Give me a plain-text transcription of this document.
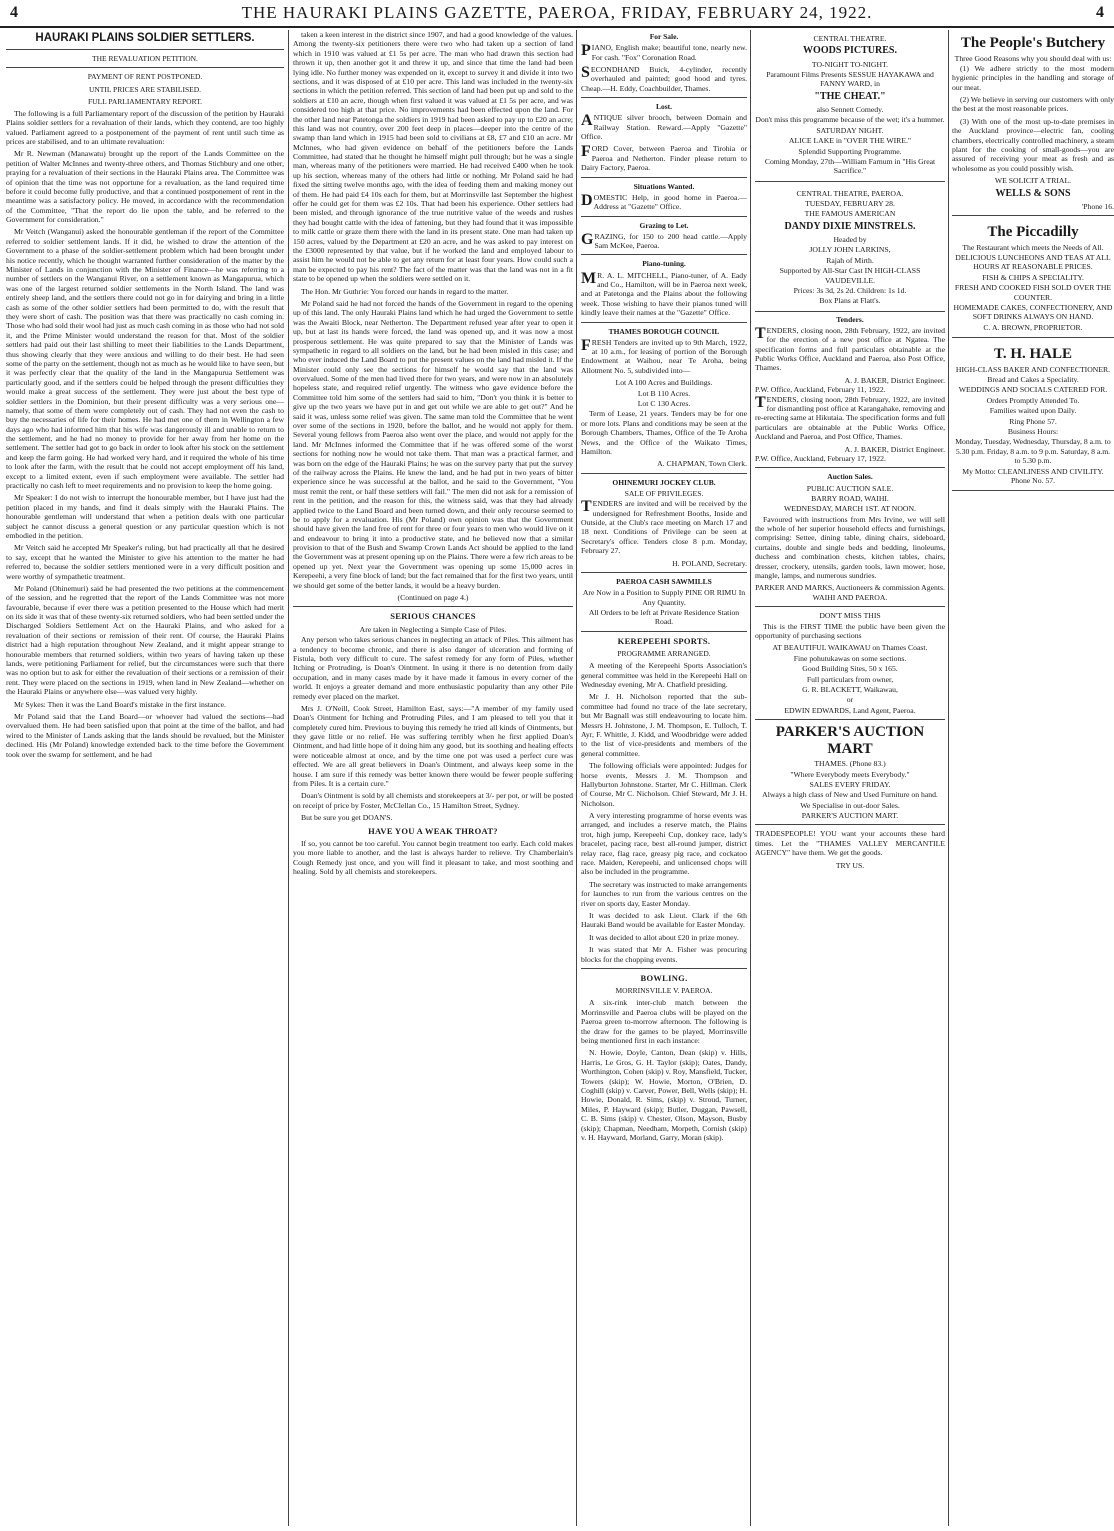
4	THE HAURAKI PLAINS GAZETTE, PAEROA, FRIDAY, FEBRUARY 24, 1922.	4
HAURAKI PLAINS SOLDIER SETTLERS.
THE REVALUATION PETITION.
PAYMENT OF RENT POSTPONED.
UNTIL PRICES ARE STABILISED.
FULL PARLIAMENTARY REPORT.

The following is a full Parliamentary report of the discussion of the petition by Hauraki Plains soldier settlers for a revaluation of their lands, which they contend, are too highly valued. Parliament agreed to a postponement of the payment of rent until such time as prices are stabilised, and to an ultimate revaluation:

Mr R. Newman (Manawatu) brought up the report of the Lands Committee on the petition of Walter McInnes and twenty-three others, and Thomas Stichbury and one other, praying for a revaluation of their sections in the Hauraki Plains area. The Committee was of opinion that the time was not opportune for a revaluation, as the land required time before it could become fully productive, and that a continued postponement of rent in the meantime was a satisfactory policy. He moved, in accordance with the recommendation of the Committee, "That the report do lie upon the table, and be referred to the Government for consideration."

Mr Veitch (Wanganui) asked the honourable gentleman if the report of the Committee referred to soldier settlement lands. If it did, he wished to draw the attention of the Government to a phase of the soldier-settlement problem which had been brought under his notice recently, which he thought warranted further consideration of the matter by the Minister of Lands in conjunction with the Minister of Finance—he was referring to a number of settlers on the Wanganui River, on a settlement known as Mangapurua, which was one of the largest returned soldier settlements in the North Island. The land was entirely sheep land, and the settlers there could not go in for dairying and bring in a little cash as some of the other soldier settlers had been permitted to do, with the result that they were short of cash. The position was that there was practically no cash coming in. Those who had sold their wool had just as much cash coming in as those who had not sold it, and the Prime Minister would understand the reason for that. Most of the soldier settlers had paid out their last shilling to meet their liabilities to the Lands Department, thus showing clearly that they were anxious and willing to do their best. He had seen some of the party on the settlement, though not as much as he would like to have seen, but it was perfectly clear that the quality of the land in the Mangapurua Settlement was particularly good, and if the settlers could be helped through the present difficulties they would make a great success of the settlement. They were just about the best type of soldier settlers in the Dominion, but their present difficulty was a very serious one—namely, that some of them were completely out of cash. They had not even the cash to buy the necessaries of life for their homes. He had met one of them in Wellington a few days ago who had informed him that his wife was dangerously ill and unable to return to the settlement, and he had no money to provide for her away from her home on the settlement. The settler had got to go back in order to look after his stock on the settlement and keep the farm going. He had worked very hard, and it required the whole of his time to look after the farm, with the result that he could not accept employment off his land, except to a limited extent, even if such employment were available. The settler had practically no cash left to meet requirements and no provision to keep the home going.

Mr Speaker: I do not wish to interrupt the honourable member, but I have just had the petition placed in my hands, and find it deals simply with the Hauraki Plains. The honourable gentleman will understand that when a petition deals with one particular subject he cannot discuss a general question or any particular question which is not embodied in the petition.

Mr Veitch said he accepted Mr Speaker's ruling, but had practically all that he desired to say, except that he wanted the Minister to give his attention to the matter he had referred to, because the soldier settlers mentioned were in a very difficult position and were worthy of sympathetic treatment.

Mr Poland (Ohinemuri) said he had presented the two petitions at the commencement of the session, and he regretted that the report of the Lands Committee was not more favourable, because if ever there was a petition presented to the House which had merit on its side it was that of these twenty-six returned soldiers, who had been settled under the Discharged Soldiers Settlement Act on the Hauraki Plains, and who asked for a revaluation of their sections or remission of their rent. Of course, the Hauraki Plains district had a high reputation throughout New Zealand, and it might appear strange to honourable members that returned soldiers, within two years of having taken up these lands, were petitioning Parliament for relief, but the circumstances were such that there was no option but to ask for either the revaluation of their sections or a remission of their rent. They were placed on the sections in 1919, when land in New Zealand—whether on the Hauraki Plains or anywhere else—was valued very highly.

Mr Sykes: Then it was the Land Board's mistake in the first instance.

Mr Poland said that the Land Board—or whoever had valued the sections—had overvalued them. He had been satisfied upon that point at the time of the ballot, and had wired to the Minister of Lands asking that the lands should be revalued, but the Minister declined. His (Mr Poland) knowledge extended back to the time before the Government took over the swamp for settlement, and he had

taken a keen interest in the district since 1907, and had a good knowledge of the values. Among the twenty-six petitioners there were two who had taken up a section of land which in 1910 was valued at £1 5s per acre. The man who had drawn this section had thrown it up, then another got it and threw it up, and since that time the land had been lying idle. No further money was expended on it, except to survey it and divide it into two sections, and it was disposed of at £10 per acre. This land was included in the twenty-six sections in which the petition referred. This section of land had been put up and sold to the soldiers at £10 an acre, though when first valued it was valued at £1 5s per acre, and was considered too high at that price. No improvements had been effected upon the land. For the other land near Patetonga the soldiers in 1919 had been asked to pay up to £20 an acre; this land was not country, over 200 feet deep in places—deeper into the centre of the swamp than land which in 1915 had been sold to civilians at £8, £7 and £10 an acre. Mr McInnes, who had given evidence on behalf of the petitioners before the Lands Committee, had stated that he thought he himself might pull through; but he was a single man, whereas many of the petitioners were married. He had received £400 when he took up his section, whereas many of the others had little or nothing. Mr Poland said he had fixed the sitting twelve months ago, with the idea of feeding them and making money out of them. He had paid £4 10s each for them, but at Morrinsville last September the highest offer he could get for them was £2 10s. That had been his experience. Other settlers had been misled, and through ignorance of the true nutritive value of the weeds and rushes they had bought cattle with the idea of fattening, but they had found that it was impossible to milk cattle or graze them there with the land in its present state. One man had taken up 150 acres, valued by the Department at £20 an acre, and he was asked to pay interest on the £3000 represented by that value, but if he worked the land and employed labour to assist him he would not be able to get any return for at least four years. How could such a man be expected to pay his rent? The fact of the matter was that the land was not in a fit state to be opened up when the soldiers were settled on it.

The Hon. Mr Guthrie: You forced our hands in regard to the matter.

Mr Poland said he had not forced the hands of the Government in regard to the opening up of this land. The only Hauraki Plains land which he had urged the Government to settle was the Awaiti Block, near Netherton. The Department refused year after year to open it up, but at last its hands were forced, the land was opened up, and it was now a most prosperous settlement. He was quite prepared to say that the Minister of Lands was sympathetic in regard to all soldiers on the land, but he had been misled in this case; and who ever induced the Land Board to put the present values on the land had misled it. If the Minister could only see the sections for himself he would say that the land was overvalued. Some of the men had lived there for two years, and were now in an absolutely hopeless state, and required relief urgently. The witness who gave evidence before the Committee told him some of the settlers had said to him, "Don't you think it is better to give up the two years we have put in and get out while we are able to get out?" And he said it was, unless some relief was given. The same man told the Committee that he went over some of the sections in 1920, before the ballot, and he would not apply for them. Several young fellows from Paeroa also went over the place, and would not apply for the land. Mr McInnes informed the Committee that if he was offered some of the worst sections for nothing now he would not take them. That man was a practical farmer, and was born on the edge of the Hauraki Plains; he was on the survey party that put the survey of the railway across the Plains. He knew the land, and he had put in two years of bitter experience since he was successful at the ballot, and he said to the Government, "You must remit the rent, or half these settlers will fail." The men did not ask for a remission of rent in the petition, and the reason for this, the witness said, was that they had already applied twice to the Land Board and been turned down, and their only recourse seemed to be to apply for a revaluation. His (Mr Poland) own opinion was that the Government should have given the land free of rent for three or four years to men who would live on it and endeavour to bring it into a productive state, and he believed now that a similar provision to that of the Bush and Swamp Crown Lands Act should be applied to the land the Government was at present opening up on the Plains. There were a few rich areas to be opened up yet. Next year the Government was opening up some 15,000 acres in Kerepeehi, a very fine block of land; but the fact remained that for the first two years, until we should get some of the better lands, it would be a heavy burden.

(Continued on page 4.)
SERIOUS CHANCES
Are taken in Neglecting a Simple Case of Piles.

Any person who takes serious chances in neglecting an attack of Piles. This ailment has a tendency to become chronic, and there is also danger of ulceration and forming of Fistula, both very difficult to cure. The safest remedy for any form of Piles, whether Itching or Protruding, is Doan's Ointment. In using it there is no detention from daily occupation, and in many cases made by it have made it famous in every corner of the world. It enjoys a greater demand and more enthusiastic popularity than any other Pile remedy ever placed on the market.

Mrs J. O'Neill, Cook Street, Hamilton East, says:—"A member of my family used Doan's Ointment for Itching and Protruding Piles, and I am pleased to tell you that it completely cured him. Previous to buying this remedy he tried all kinds of Ointments, but they gave little or no relief. He was suffering terribly when he first applied Doan's Ointment, and had little hope of it doing him any good, but its soothing and healing effects were noticeable almost at once, and by the time one pot was used a perfect cure was effected. We are all great believers in Doan's Ointment, and always keep some in the house. I am sure if this remedy was better known there would be fewer people suffering from Piles. It is a certain cure."

Doan's Ointment is sold by all chemists and storekeepers at 3/- per pot, or will be posted on receipt of price by Foster, McClellan Co., 15 Hamilton Street, Sydney.

But be sure you get DOAN'S.

HAVE YOU A WEAK THROAT?

If so, you cannot be too careful. You cannot begin treatment too early. Each cold makes you more liable to another, and the last is always harder to relieve. Try Chamberlain's Cough Remedy just once, and you will find it pleasant to take, and most soothing and healing. Sold by all chemists and storekeepers.

For Sale.

PIANO, English make; beautiful tone, nearly new. For cash. "Fox" Coronation Road.

SECONDHAND Buick, 4-cylinder, recently overhauled and painted; good hood and tyres. Cheap.—H. Eddy, Coachbuilder, Thames.

Lost.

ANTIQUE silver brooch, between Domain and Railway Station. Reward.—Apply "Gazette" Office.

FORD Cover, between Paeroa and Tirohia or Paeroa and Netherton. Finder please return to Dairy Factory, Paeroa.

Situations Wanted.

DOMESTIC Help, in good home in Paeroa.—Address at "Gazette" Office.

Grazing to Let.

GRAZING, for 150 to 200 head cattle.—Apply Sam McKee, Paeroa.

Piano-tuning.

MR. A. L. MITCHELL, Piano-tuner, of A. Eady and Co., Hamilton, will be in Paeroa next week, and at Patetonga and the Plains about the following week. Those wishing to have their pianos tuned will kindly leave their names at the "Gazette" Office.

THAMES BOROUGH COUNCIL

FRESH Tenders are invited up to 9th March, 1922, at 10 a.m., for leasing of portion of the Borough Endowment at Waihou, near Te Aroha, being Allotment No. 5, subdivided into—

Lot A 100 Acres and Buildings.
Lot B 110 Acres.
Lot C 130 Acres.

Term of Lease, 21 years. Tenders may be for one or more lots. Plans and conditions may be seen at the Borough Chambers, Thames, Office of the Te Aroha News, and the Office of the Waikato Times, Hamilton.

A. CHAPMAN, Town Clerk.
OHINEMURI JOCKEY CLUB.
SALE OF PRIVILEGES.

TENDERS are invited and will be received by the undersigned for Refreshment Booths, Inside and Outside, at the Club's race meeting on March 17 and 18 next. Conditions of Privilege can be seen at Secretary's office. Tenders close 8 p.m. Monday, February 27.

H. POLAND, Secretary.
PAEROA CASH SAWMILLS
Are Now in a Position to Supply PINE OR RIMU In Any Quantity.
All Orders to be left at Private Residence Station Road.
KEREPEEHI SPORTS.
PROGRAMME ARRANGED.

A meeting of the Kerepeehi Sports Association's general committee was held in the Kerepeehi Hall on Wednesday evening, Mr A. Chatfield presiding.

Mr J. H. Nicholson reported that the sub-committee had found no trace of the late secretary, but Mr Bagnall was still endeavouring to locate him. Messrs H. Johnstone, J. M. Thompson, E. Tulloch, T. Ayr, F. Whittle, J. Kidd, and Woodbridge were added to the list of vice-presidents and members of the general committee.

The following officials were appointed: Judges for horse events, Messrs J. M. Thompson and Hallyburton Johnstone. Starter, Mr C. Hillman. Clerk of Course, Mr C. Nicholson. Chief Steward, Mr J. H. Nicholson.

A very interesting programme of horse events was arranged, and includes a reserve match, the Plains trot, high jump, Kerepeehi Cup, donkey race, lady's bracelet, pacing race, best all-round jumper, district relay race, flag race, greasy pig race, and cockatoo race. Maiden, Kerepeehi, and unlicensed chops will also be included in the programme.

The secretary was instructed to make arrangements for launches to run from the various centres on the river on sports day, Easter Monday.

It was decided to ask Lieut. Clark if the 6th Hauraki Band would be available for Easter Monday.

It was decided to allot about £20 in prize money.

It was stated that Mr A. Fisher was procuring blocks for the chopping events.

BOWLING.
MORRINSVILLE V. PAEROA.

A six-rink inter-club match between the Morrinsville and Paeroa clubs will be played on the Paeroa green to-morrow afternoon. The following is the draw for the games to be played, Morrinsville being mentioned first in each instance:

N. Howie, Doyle, Canton, Dean (skip) v. Hills, Harris, Le Gros, G. H. Taylor (skip); Oates, Dandy, Worthington, Cohen (skip) v. Roy, Mansfield, Tucker, Towers (skip); W. Howie, Morton, O'Brien, D. Coghill (skip) v. Carver, Power, Bell, Wells (skip); H. Howie, Donald, R. Sims, (skip) v. Stroud, Turner, Miles, P. Hayward (skip); Butler, Duggan, Pawsell, C. B. Sims (skip) v. Chester, Olson, Mayson, Busby (skip); Chapman, Needham, Morpeth, Cornish (skip) v. H. Hayward, Morland, Garry, Moran (skip).

CENTRAL THEATRE.
WOODS PICTURES.
TO-NIGHT TO-NIGHT.
Paramount Films Presents SESSUE HAYAKAWA and FANNY WARD, in
"THE CHEAT."
also Sennett Comedy.
Don't miss this programme because of the wet; it's a hummer.
SATURDAY NIGHT.
ALICE LAKE in "OVER THE WIRE."
Splendid Supporting Programme.
Coming Monday, 27th—William Farnum in "His Great Sacrifice."
CENTRAL THEATRE, PAEROA.
TUESDAY, FEBRUARY 28.
THE FAMOUS AMERICAN
DANDY DIXIE MINSTRELS.
Headed by
JOLLY JOHN LARKINS,
Rajah of Mirth.
Supported by All-Star Cast IN HIGH-CLASS VAUDEVILLE.
Prices: 3s 3d, 2s 2d. Children: 1s 1d.
Box Plans at Flatt's.
Tenders.

TENDERS, closing noon, 28th February, 1922, are invited for the erection of a new post office at Ngatea. The specification forms and full particulars obtainable at the Public Works Office, Auckland and Paeroa, also Post Office, Thames.

A. J. BAKER, District Engineer.
P.W. Office, Auckland, February 11, 1922.

TENDERS, closing noon, 28th February, 1922, are invited for dismantling post office at Karangahake, removing and re-erecting same at Hikutaia. The specification forms and full particulars are obtainable at the Public Works Office, Auckland and Paeroa, and Post Office, Thames.

A. J. BAKER, District Engineer.
P.W. Office, Auckland, February 17, 1922.
Auction Sales.
PUBLIC AUCTION SALE.
BARRY ROAD, WAIHI.
WEDNESDAY, MARCH 1ST. AT NOON.

Favoured with instructions from Mrs Irvine, we will sell the whole of her superior household effects and furnishings, comprising: Settee, dining table, dining chairs, sideboard, curtains, double and single beds and bedding, linoleums, duchess and combination chests, kitchen tables, chairs, dresser, crockery, utensils, garden tools, lawn mower, hose, mangle, lamps, and numerous sundries.

PARKER AND MARKS, Auctioneers & commission Agents. WAIHI AND PAEROA.
DON'T MISS THIS

This is the FIRST TIME the public have been given the opportunity of purchasing sections

AT BEAUTIFUL WAIKAWAU on Thames Coast.
Fine pohutukawas on some sections.
Good Building Sites, 50 x 165.
Full particulars from owner,
G. R. BLACKETT, Waikawau,
or
EDWIN EDWARDS, Land Agent, Paeroa.
PARKER'S AUCTION MART
THAMES. (Phone 83.)
"Where Everybody meets Everybody."
SALES EVERY FRIDAY.
Always a high class of New and Used Furniture on hand.
We Specialise in out-door Sales.
PARKER'S AUCTION MART.

TRADESPEOPLE! YOU want your accounts these hard times. Let the "THAMES VALLEY MERCANTILE AGENCY" have them. We get the goods.

TRY US.
The People's Butchery
Three Good Reasons why you should deal with us:

(1) We adhere strictly to the most modern hygienic principles in the handling and storage of our meat.

(2) We believe in serving our customers with only the best at the most reasonable prices.

(3) With one of the most up-to-date premises in the Auckland province—electric fan, cooling chambers, electrically controlled machinery, a steam plant for the cooking of small-goods—you are assured of receiving your meat as fresh and as wholesome as you could possibly wish.

WE SOLICIT A TRIAL.
WELLS & SONS
'Phone 16.
The Piccadilly
The Restaurant which meets the Needs of All.
DELICIOUS LUNCHEONS AND TEAS AT ALL HOURS AT REASONABLE PRICES.
FISH & CHIPS A SPECIALITY.
FRESH AND COOKED FISH SOLD OVER THE COUNTER.
HOMEMADE CAKES, CONFECTIONERY, AND SOFT DRINKS ALWAYS ON HAND.
C. A. BROWN, PROPRIETOR.
T. H. HALE
HIGH-CLASS BAKER AND CONFECTIONER.
Bread and Cakes a Speciality.
WEDDINGS AND SOCIALS CATERED FOR.
Orders Promptly Attended To.
Families waited upon Daily.
Ring Phone 57.
Business Hours:
Monday, Tuesday, Wednesday, Thursday, 8 a.m. to 5.30 p.m. Friday, 8 a.m. to 9 p.m. Saturday, 8 a.m. to 5.30 p.m.
My Motto: CLEANLINESS AND CIVILITY. Phone No. 57.
